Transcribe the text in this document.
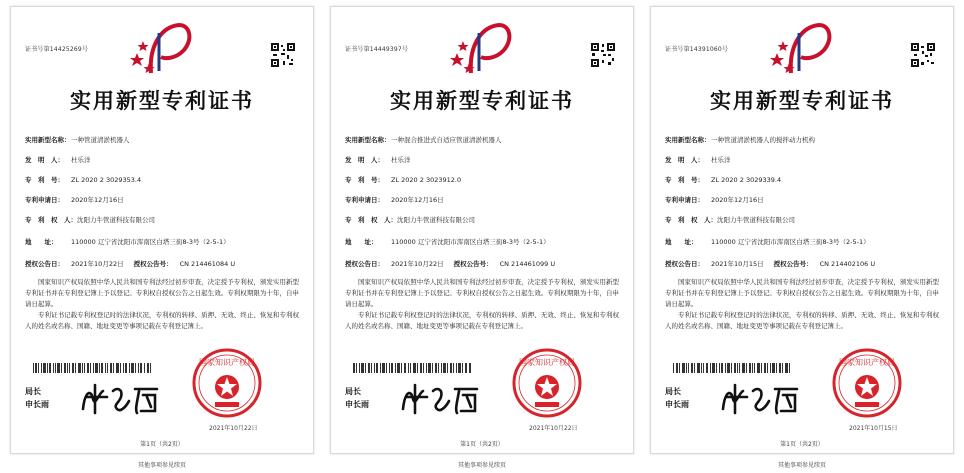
证书号第14425269号
实用新型专利证书
实用新型名称：一种管道清淤机器人
发　明　人： 杜乐洋
专　利　号： ZL 2020 2 3029353.4
专利申请日： 2020年12月16日
专　利　权　人：沈阳力牛管道科技有限公司
地　　址： 110000 辽宁省沈阳市浑南区白塔三街8-3号（2-5-1）
授权公告日： 2021年10月22日 授权公告号： CN 214461084 U

国家知识产权局依照中华人民共和国专利法经过初步审查，决定授予专利权，颁发实用新型专利证书并在专利登记簿上予以登记。专利权自授权公告之日起生效。专利权期限为十年，自申请日起算。

专利证书记载专利权登记时的法律状况，专利权的转移、质押、无效、终止、恢复和专利权人的姓名或名称、国籍、地址变更等事项记载在专利登记簿上。

局长
申长雨
国家知识产权局
2021年10月22日
第1页（共2页）
其他事项参见续页
证书号第14449397号
实用新型专利证书
实用新型名称：一种混合推进式自适应管道清淤机器人
发　明　人： 杜乐洋
专　利　号： ZL 2020 2 3023912.0
专利申请日： 2020年12月16日
专　利　权　人：沈阳力牛管道科技有限公司
地　　址： 110000 辽宁省沈阳市浑南区白塔三街8-3号（2-5-1）
授权公告日： 2021年10月22日 授权公告号： CN 214461099 U

国家知识产权局依照中华人民共和国专利法经过初步审查，决定授予专利权，颁发实用新型专利证书并在专利登记簿上予以登记。专利权自授权公告之日起生效。专利权期限为十年，自申请日起算。

专利证书记载专利权登记时的法律状况，专利权的转移、质押、无效、终止、恢复和专利权人的姓名或名称、国籍、地址变更等事项记载在专利登记簿上。

局长
申长雨
国家知识产权局
2021年10月22日
第1页（共2页）
其他事项参见续页
证书号第14391060号
实用新型专利证书
实用新型名称：一种管道清淤机器人的搅拌动力机构
发　明　人： 杜乐洋
专　利　号： ZL 2020 2 3029339.4
专利申请日： 2020年12月16日
专　利　权　人：沈阳力牛管道科技有限公司
地　　址： 110000 辽宁省沈阳市浑南区白塔三街8-3号（2-5-1）
授权公告日： 2021年10月15日 授权公告号： CN 214402106 U

国家知识产权局依照中华人民共和国专利法经过初步审查，决定授予专利权，颁发实用新型专利证书并在专利登记簿上予以登记。专利权自授权公告之日起生效。专利权期限为十年，自申请日起算。

专利证书记载专利权登记时的法律状况，专利权的转移、质押、无效、终止、恢复和专利权人的姓名或名称、国籍、地址变更等事项记载在专利登记簿上。

局长
申长雨
国家知识产权局
2021年10月15日
第1页（共2页）
其他事项参见续页
